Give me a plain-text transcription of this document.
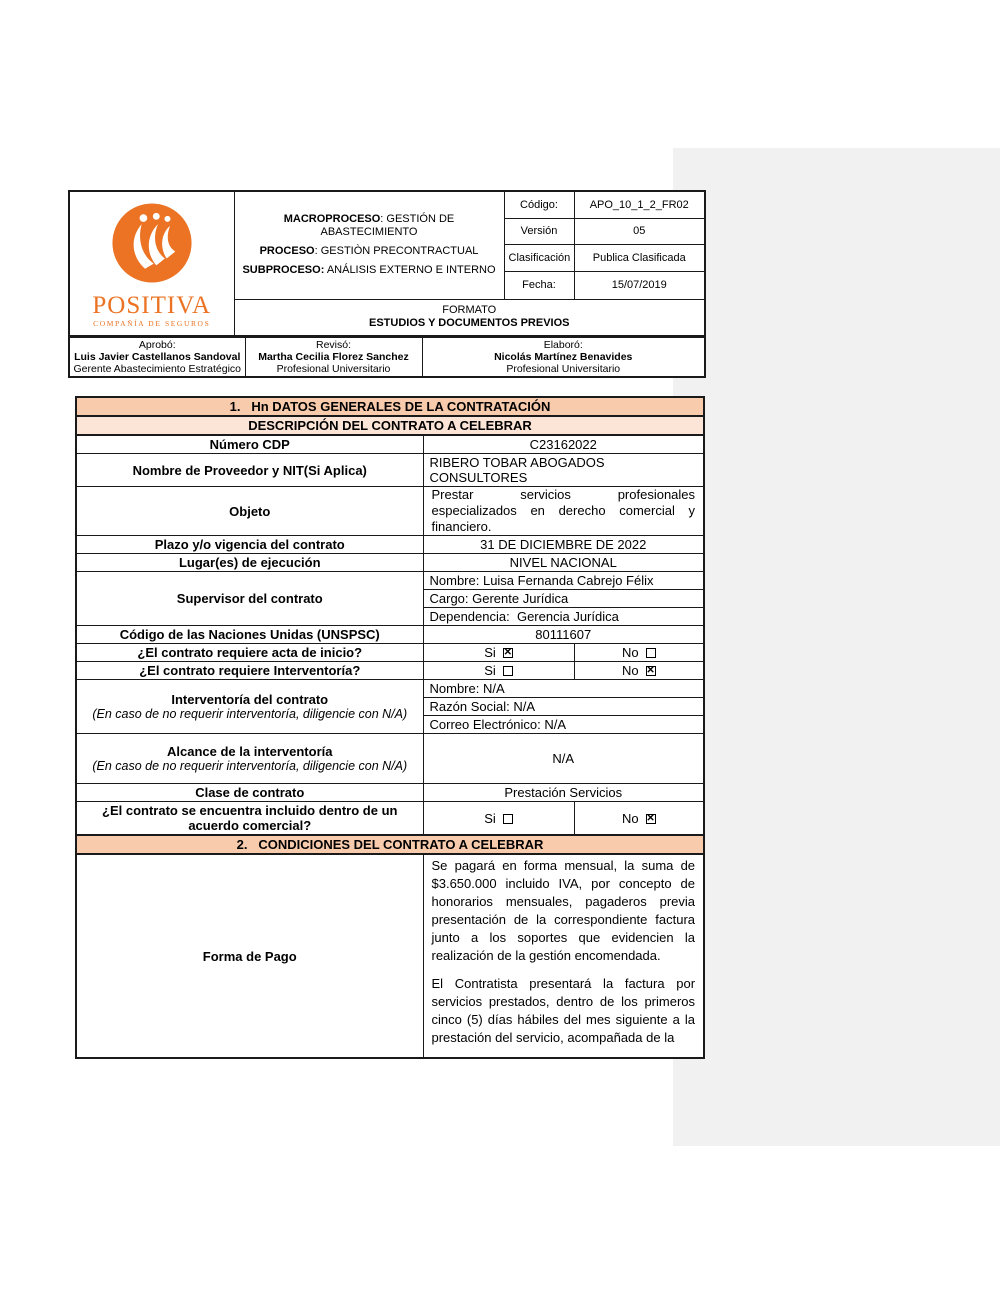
POSITIVA
COMPAÑÍA DE SEGUROS

MACROPROCESO: GESTIÓN DE ABASTECIMIENTO
PROCESO: GESTIÒN PRECONTRACTUAL
SUBPROCESO: ANÁLISIS EXTERNO E INTERNO
	Código:	APO_10_1_2_FR02
		Versión	05
		Clasificación	Publica Clasificada
		Fecha:	15/07/2019

	FORMATO
ESTUDIOS Y DOCUMENTOS PREVIOS		
Aprobó:
Luis Javier Castellanos Sandoval
Gerente Abastecimiento Estratégico

Revisó:
Martha Cecilia Florez Sanchez
Profesional Universitario

Elaboró:
Nicolás Martínez Benavides
Profesional Universitario
1.   Hn DATOS GENERALES DE LA CONTRATACIÓN		
DESCRIPCIÓN DEL CONTRATO A CELEBRAR		
Número CDP	C23162022	
Nombre de Proveedor y NIT(Si Aplica)	RIBERO TOBAR ABOGADOS CONSULTORES	
Objeto	Prestar servicios profesionales especializados en derecho comercial y financiero.	
Plazo y/o vigencia del contrato	31 DE DICIEMBRE DE 2022	
Lugar(es) de ejecución	NIVEL NACIONAL	
Supervisor del contrato	Nombre: Luisa Fernanda Cabrejo Félix	
	Cargo: Gerente Jurídica	
	Dependencia:  Gerencia Jurídica	
Código de las Naciones Unidas (UNSPSC)	80111607	
¿El contrato requiere acta de inicio?	Si✕	No
¿El contrato requiere Interventoría?	Si	No✕

Interventoría del contrato
(En caso de no requerir interventoría, diligencie con N/A)	Nombre: N/A	
	Razón Social: N/A	
	Correo Electrónico: N/A	

Alcance de la interventoría
(En caso de no requerir interventoría, diligencie con N/A)	N/A	
Clase de contrato	Prestación Servicios	
¿El contrato se encuentra incluido dentro de un acuerdo comercial?	Si	No✕
2.   CONDICIONES DEL CONTRATO A CELEBRAR		
Forma de Pago	Se pagará en forma mensual, la suma de $3.650.000 incluido IVA, por concepto de honorarios mensuales, pagaderos previa presentación de la correspondiente factura junto a los soportes que evidencien la realización de la gestión encomendada.

El Contratista presentará la factura por servicios prestados, dentro de los primeros cinco (5) días hábiles del mes siguiente a la prestación del servicio, acompañada de la	
